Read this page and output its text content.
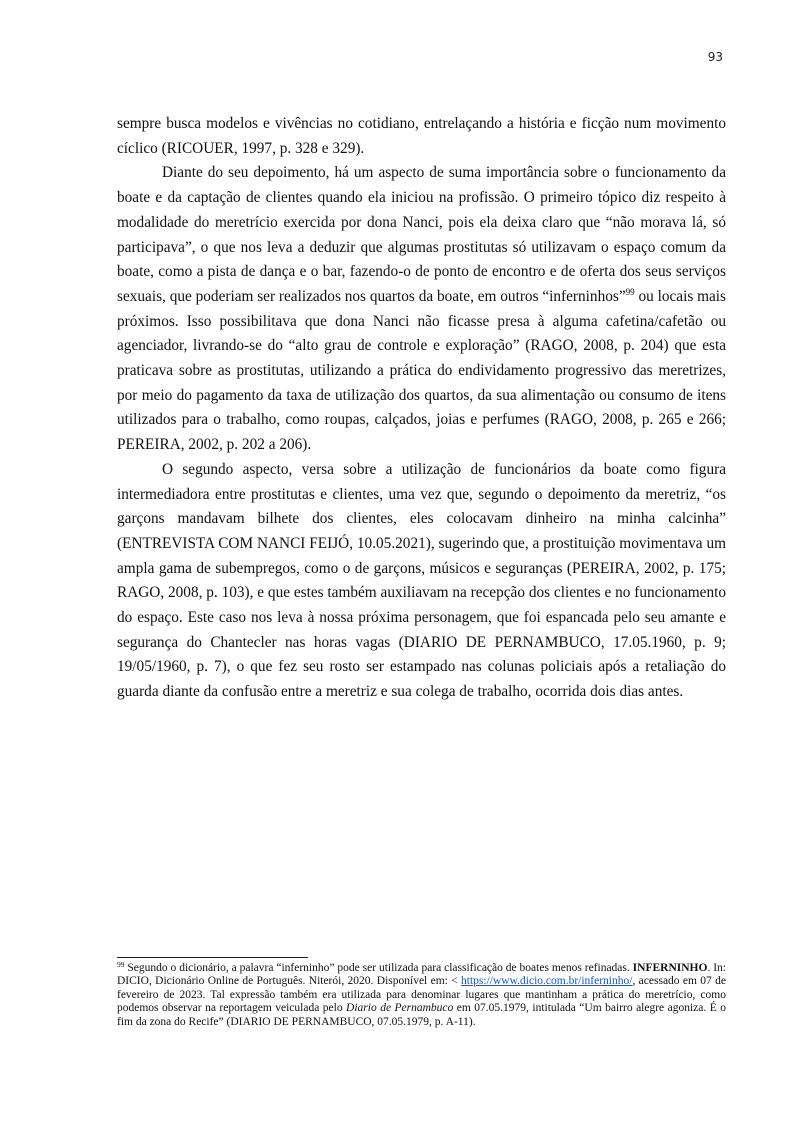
93

sempre busca modelos e vivências no cotidiano, entrelaçando a história e ficção num movimento cíclico (RICOUER, 1997, p. 328 e 329).

Diante do seu depoimento, há um aspecto de suma importância sobre o funcionamento da boate e da captação de clientes quando ela iniciou na profissão. O primeiro tópico diz respeito à modalidade do meretrício exercida por dona Nanci, pois ela deixa claro que “não morava lá, só participava”, o que nos leva a deduzir que algumas prostitutas só utilizavam o espaço comum da boate, como a pista de dança e o bar, fazendo-o de ponto de encontro e de oferta dos seus serviços sexuais, que poderiam ser realizados nos quartos da boate, em outros “inferninhos”$^{99}$ ou locais mais próximos. Isso possibilitava que dona Nanci não ficasse presa à alguma cafetina/cafetão ou agenciador, livrando-se do “alto grau de controle e exploração” (RAGO, 2008, p. 204) que esta praticava sobre as prostitutas, utilizando a prática do endividamento progressivo das meretrizes, por meio do pagamento da taxa de utilização dos quartos, da sua alimentação ou consumo de itens utilizados para o trabalho, como roupas, calçados, joias e perfumes (RAGO, 2008, p. 265 e 266; PEREIRA, 2002, p. 202 a 206).

O segundo aspecto, versa sobre a utilização de funcionários da boate como figura intermediadora entre prostitutas e clientes, uma vez que, segundo o depoimento da meretriz, “os garçons mandavam bilhete dos clientes, eles colocavam dinheiro na minha calcinha” (ENTREVISTA COM NANCI FEIJÓ, 10.05.2021), sugerindo que, a prostituição movimentava um ampla gama de subempregos, como o de garçons, músicos e seguranças (PEREIRA, 2002, p. 175; RAGO, 2008, p. 103), e que estes também auxiliavam na recepção dos clientes e no funcionamento do espaço. Este caso nos leva à nossa próxima personagem, que foi espancada pelo seu amante e segurança do Chantecler nas horas vagas (DIARIO DE PERNAMBUCO, 17.05.1960, p. 9; 19/05/1960, p. 7), o que fez seu rosto ser estampado nas colunas policiais após a retaliação do guarda diante da confusão entre a meretriz e sua colega de trabalho, ocorrida dois dias antes.

$^{99}$ Segundo o dicionário, a palavra “inferninho” pode ser utilizada para classificação de boates menos refinadas. INFERNINHO. In: DICIO, Dicionário Online de Português. Niterói, 2020. Disponível em: < https://www.dicio.com.br/inferninho/, acessado em 07 de fevereiro de 2023. Tal expressão também era utilizada para denominar lugares que mantinham a prática do meretrício, como podemos observar na reportagem veiculada pelo Diario de Pernambuco em 07.05.1979, intitulada “Um bairro alegre agoniza. É o fim da zona do Recife” (DIARIO DE PERNAMBUCO, 07.05.1979, p. A-11).
